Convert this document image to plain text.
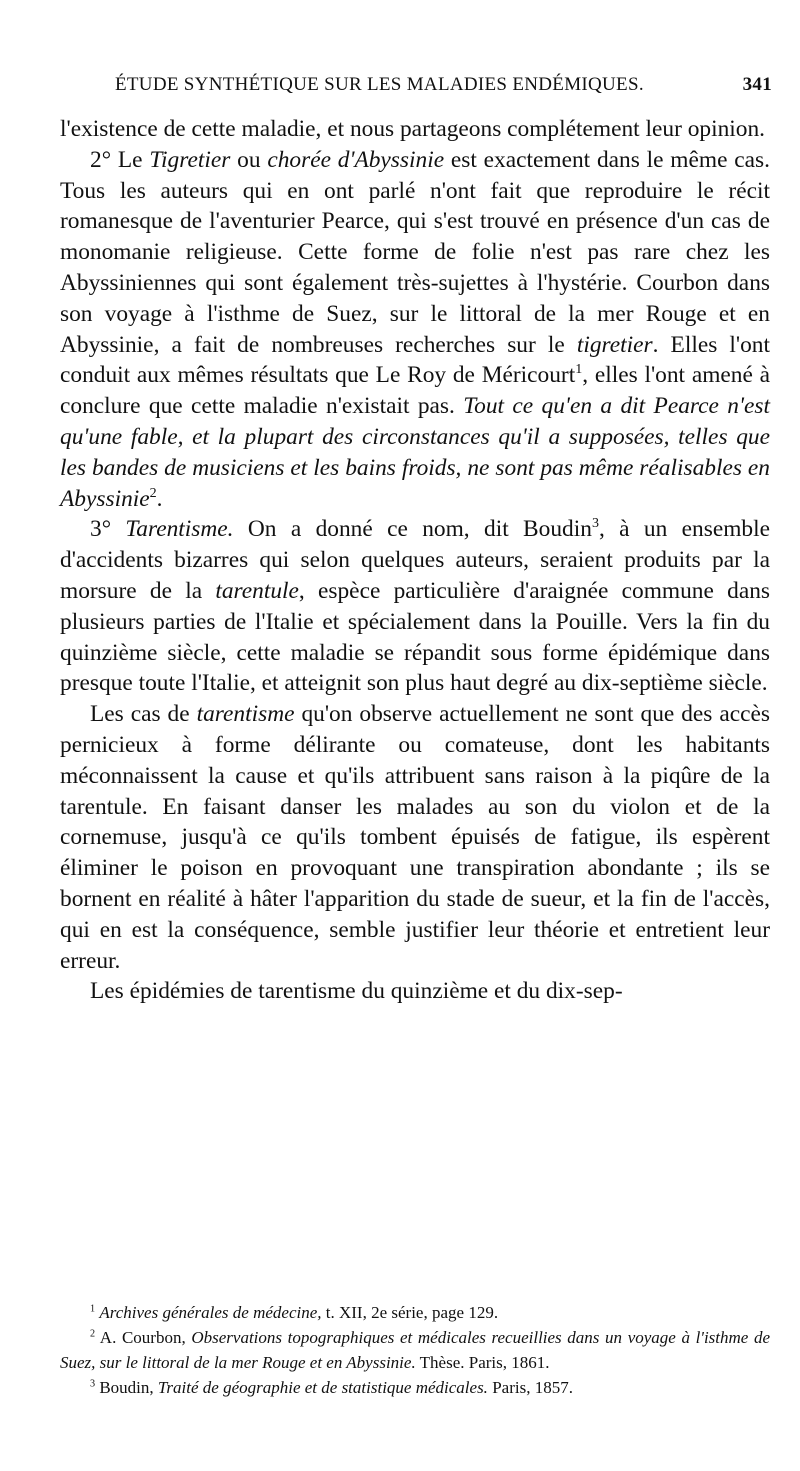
ÉTUDE SYNTHÉTIQUE SUR LES MALADIES ENDÉMIQUES.	341

l'existence de cette maladie, et nous partageons complétement leur opinion.

2° Le Tigretier ou chorée d'Abyssinie est exactement dans le même cas. Tous les auteurs qui en ont parlé n'ont fait que reproduire le récit romanesque de l'aventurier Pearce, qui s'est trouvé en présence d'un cas de monomanie religieuse. Cette forme de folie n'est pas rare chez les Abyssiniennes qui sont également très-sujettes à l'hystérie. Courbon dans son voyage à l'isthme de Suez, sur le littoral de la mer Rouge et en Abyssinie, a fait de nombreuses recherches sur le tigretier. Elles l'ont conduit aux mêmes résultats que Le Roy de Méricourt$^1$, elles l'ont amené à conclure que cette maladie n'existait pas. Tout ce qu'en a dit Pearce n'est qu'une fable, et la plupart des circonstances qu'il a supposées, telles que les bandes de musiciens et les bains froids, ne sont pas même réalisables en Abyssinie$^2$.

3° Tarentisme. On a donné ce nom, dit Boudin$^3$, à un ensemble d'accidents bizarres qui selon quelques auteurs, seraient produits par la morsure de la tarentule, espèce particulière d'araignée commune dans plusieurs parties de l'Italie et spécialement dans la Pouille. Vers la fin du quinzième siècle, cette maladie se répandit sous forme épidémique dans presque toute l'Italie, et atteignit son plus haut degré au dix-septième siècle.

Les cas de tarentisme qu'on observe actuellement ne sont que des accès pernicieux à forme délirante ou comateuse, dont les habitants méconnaissent la cause et qu'ils attribuent sans raison à la piqûre de la tarentule. En faisant danser les malades au son du violon et de la cornemuse, jusqu'à ce qu'ils tombent épuisés de fatigue, ils espèrent éliminer le poison en provoquant une transpiration abondante ; ils se bornent en réalité à hâter l'apparition du stade de sueur, et la fin de l'accès, qui en est la conséquence, semble justifier leur théorie et entretient leur erreur.

Les épidémies de tarentisme du quinzième et du dix-sep-

$^1$ Archives générales de médecine, t. XII, 2e série, page 129.

$^2$ A. Courbon, Observations topographiques et médicales recueillies dans un voyage à l'isthme de Suez, sur le littoral de la mer Rouge et en Abyssinie. Thèse. Paris, 1861.

$^3$ Boudin, Traité de géographie et de statistique médicales. Paris, 1857.
